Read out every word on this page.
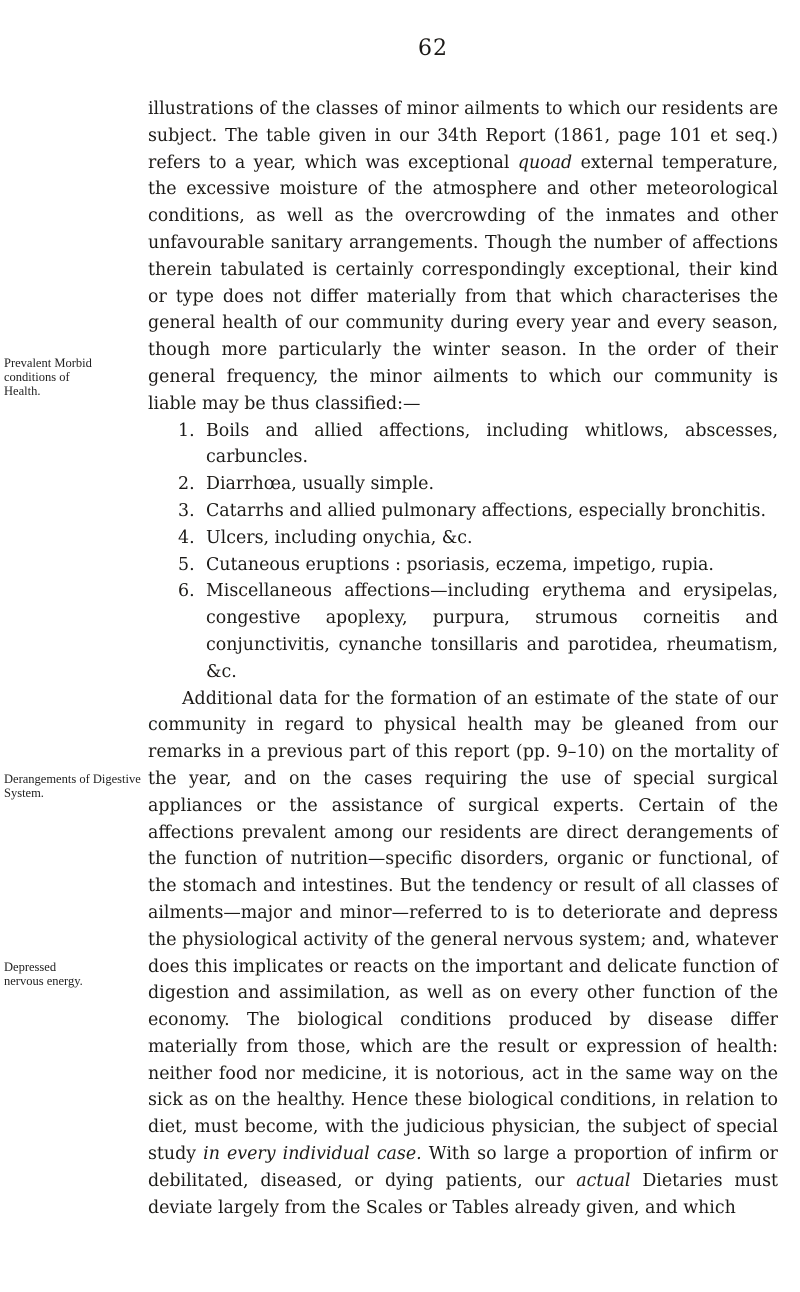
62
Prevalent Morbid conditions of Health.
Derangements of Digestive System.
Depressed nervous energy.

illustrations of the classes of minor ailments to which our residents are subject. The table given in our 34th Report (1861, page 101 et seq.) refers to a year, which was exceptional quoad external temperature, the excessive moisture of the atmosphere and other meteorological conditions, as well as the overcrowding of the inmates and other unfavourable sanitary arrangements. Though the number of affections therein tabulated is certainly correspondingly exceptional, their kind or type does not differ materially from that which characterises the general health of our community during every year and every season, though more particularly the winter season. In the order of their general frequency, the minor ailments to which our community is liable may be thus classified:—

1. Boils and allied affections, including whitlows, abscesses, carbuncles.
2. Diarrhœa, usually simple.
3. Catarrhs and allied pulmonary affections, especially bronchitis.
4. Ulcers, including onychia, &c.
5. Cutaneous eruptions : psoriasis, eczema, impetigo, rupia.
6. Miscellaneous affections—including erythema and erysipelas, congestive apoplexy, purpura, strumous corneitis and conjunctivitis, cynanche tonsillaris and parotidea, rheumatism, &c.

Additional data for the formation of an estimate of the state of our community in regard to physical health may be gleaned from our remarks in a previous part of this report (pp. 9–10) on the mortality of the year, and on the cases requiring the use of special surgical appliances or the assistance of surgical experts. Certain of the affections prevalent among our residents are direct derangements of the function of nutrition—specific disorders, organic or functional, of the stomach and intestines. But the tendency or result of all classes of ailments—major and minor—referred to is to deteriorate and depress the physiological activity of the general nervous system; and, whatever does this implicates or reacts on the important and delicate function of digestion and assimilation, as well as on every other function of the economy. The biological conditions produced by disease differ materially from those, which are the result or expression of health: neither food nor medicine, it is notorious, act in the same way on the sick as on the healthy. Hence these biological conditions, in relation to diet, must become, with the judicious physician, the subject of special study in every individual case. With so large a proportion of infirm or debilitated, diseased, or dying patients, our actual Dietaries must deviate largely from the Scales or Tables already given, and which
